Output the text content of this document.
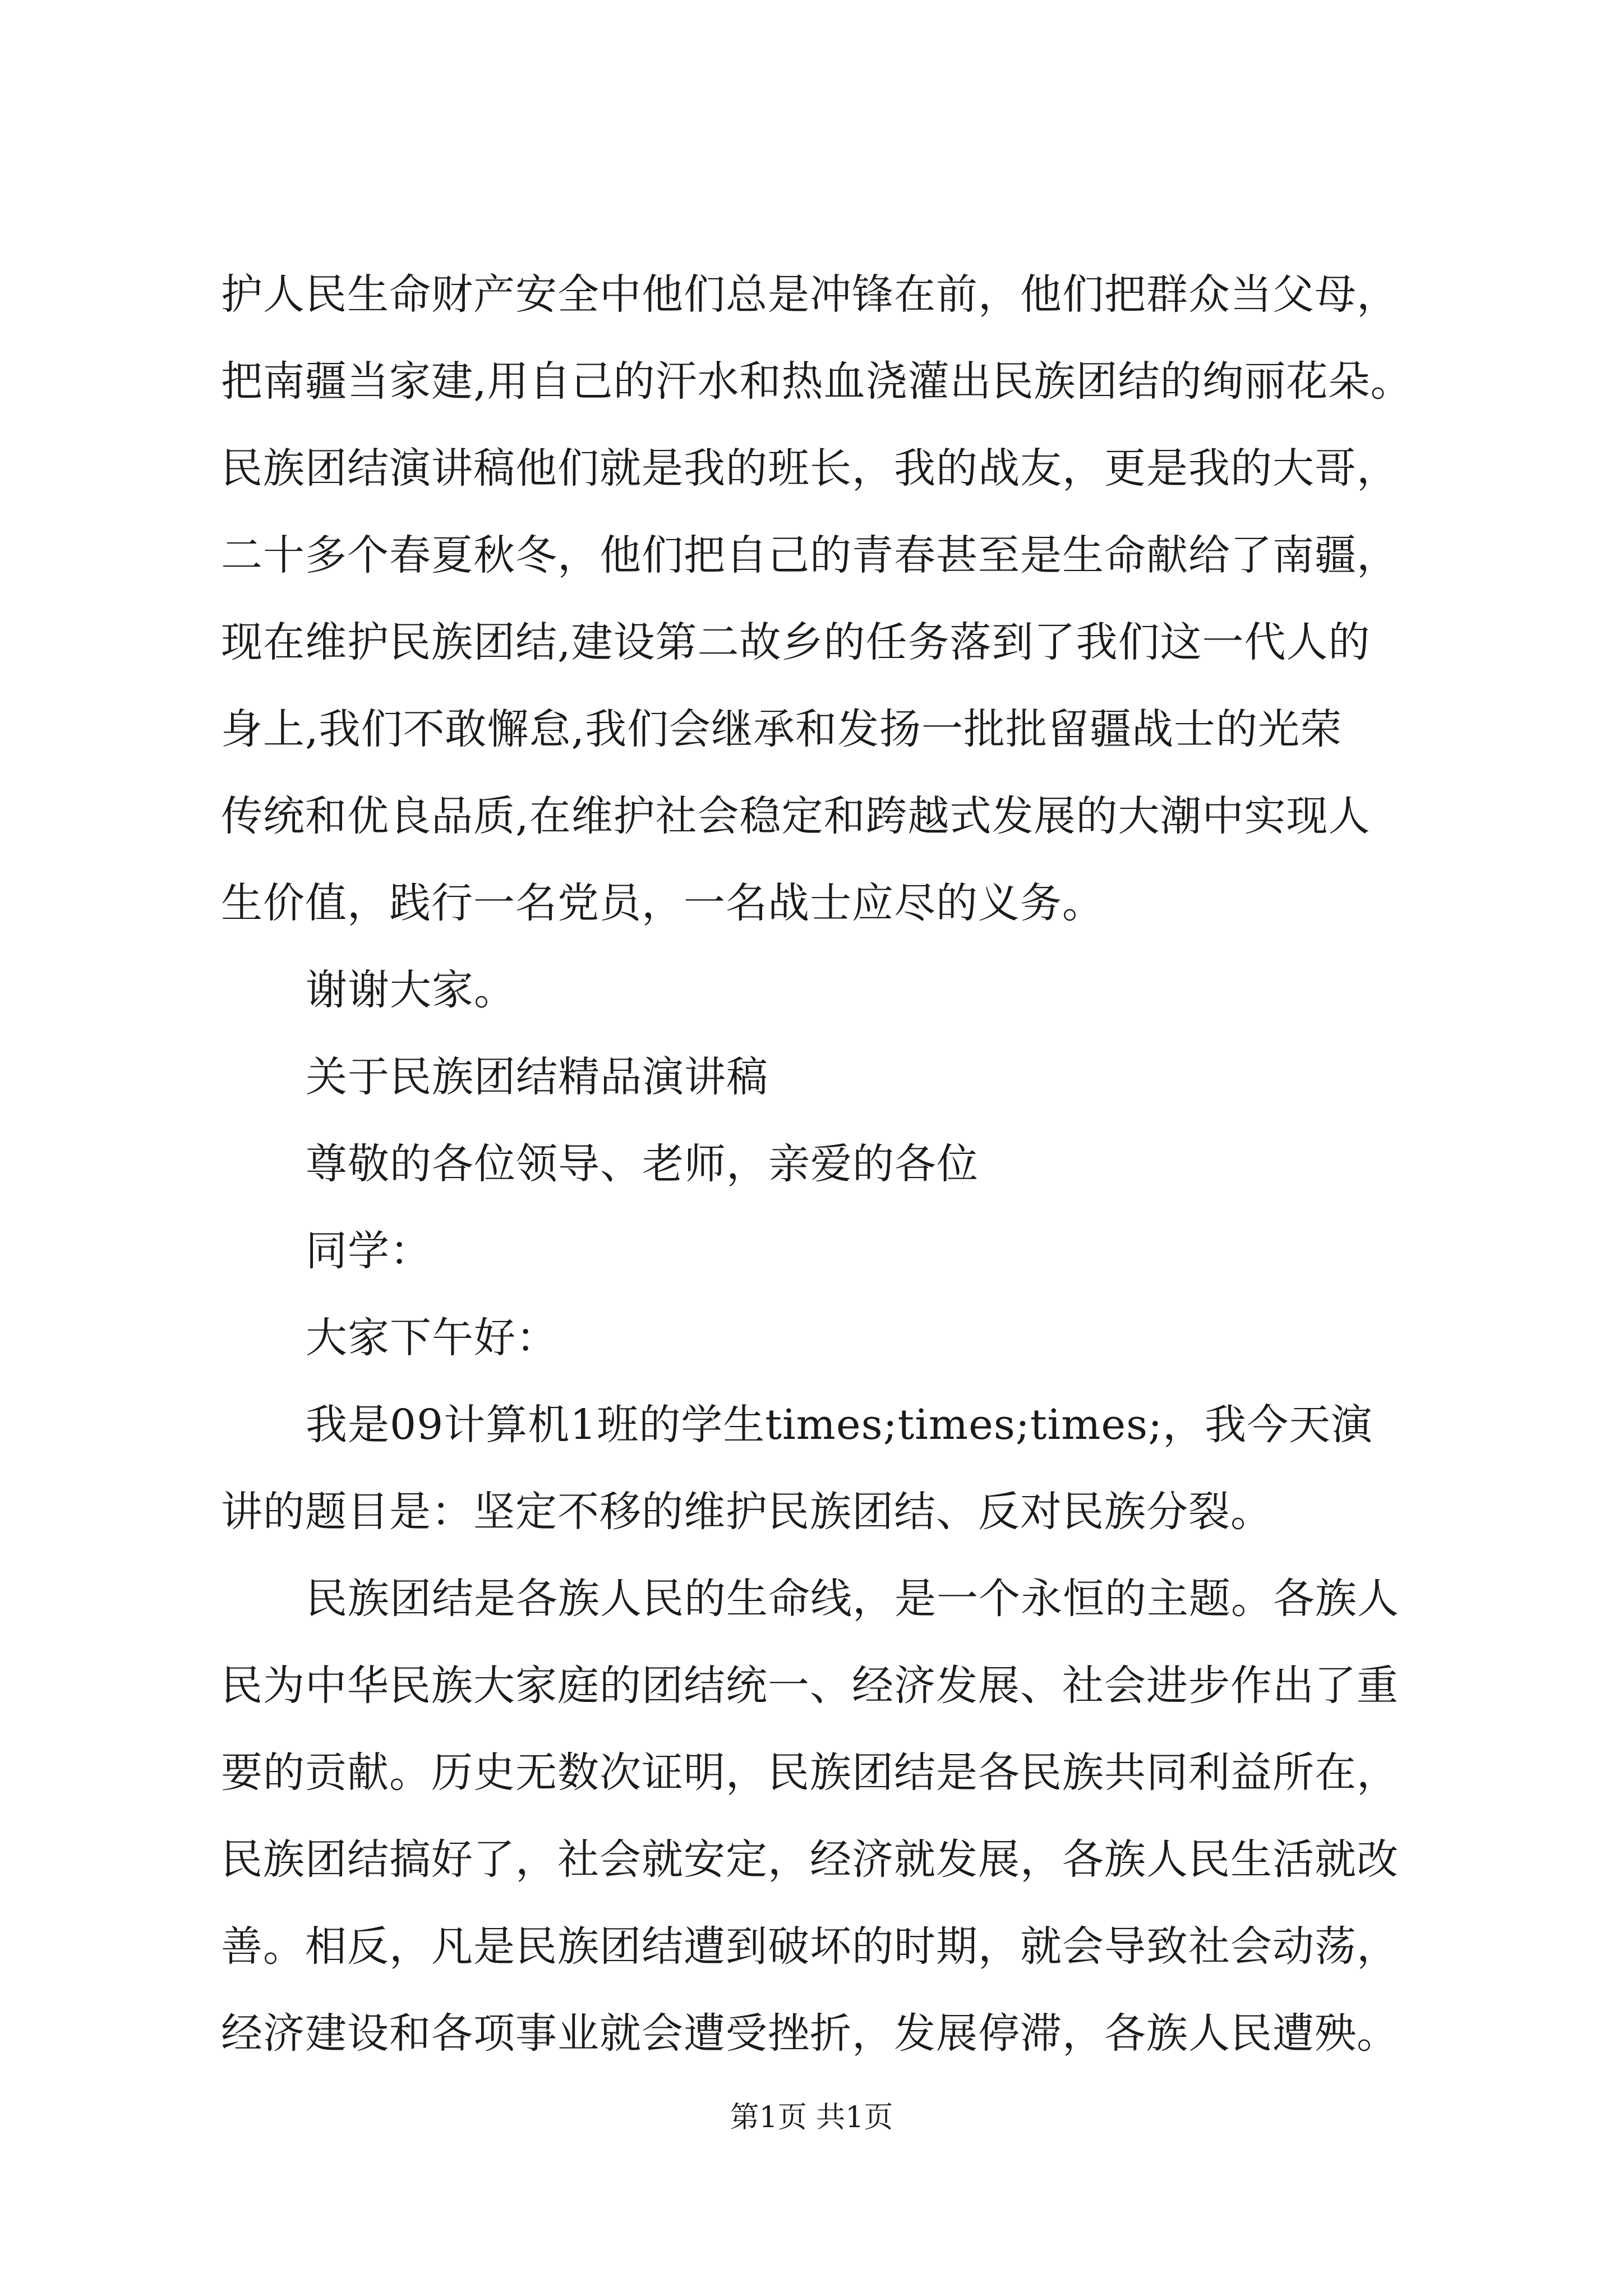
护人民生命财产安全中他们总是冲锋在前，他们把群众当父母，
把南疆当家建,用自己的汗水和热血浇灌出民族团结的绚丽花朵。
民族团结演讲稿他们就是我的班长，我的战友，更是我的大哥，
二十多个春夏秋冬，他们把自己的青春甚至是生命献给了南疆，
现在维护民族团结,建设第二故乡的任务落到了我们这一代人的
身上,我们不敢懈怠,我们会继承和发扬一批批留疆战士的光荣
传统和优良品质,在维护社会稳定和跨越式发展的大潮中实现人
生价值，践行一名党员，一名战士应尽的义务。
谢谢大家。
关于民族团结精品演讲稿
尊敬的各位领导、老师，亲爱的各位
同学：
大家下午好：
我是09计算机1班的学生times;times;times;，我今天演
讲的题目是：坚定不移的维护民族团结、反对民族分裂。
民族团结是各族人民的生命线，是一个永恒的主题。各族人
民为中华民族大家庭的团结统一、经济发展、社会进步作出了重
要的贡献。历史无数次证明，民族团结是各民族共同利益所在，
民族团结搞好了，社会就安定，经济就发展，各族人民生活就改
第1页 共1页
善。相反，凡是民族团结遭到破坏的时期，就会导致社会动荡，
经济建设和各项事业就会遭受挫折，发展停滞，各族人民遭殃。
